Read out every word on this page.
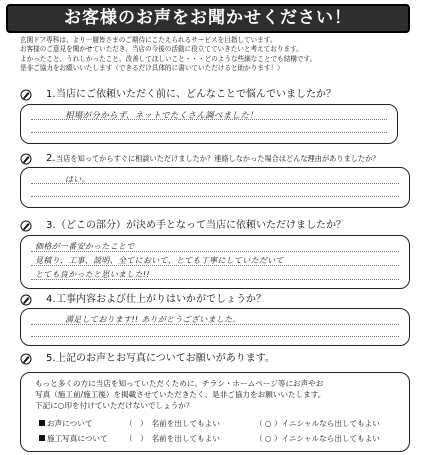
お客様のお声をお聞かせください！
玄関ドア専科は、より一層皆さまのご期待にこたえられるサービスを目指しています。
お客様のご意見を聞かせていただき、当店の今後の活動に役立てていきたいと考えております。
よかったこと、うれしかったこと、改善してほしいこと・・・どのような些細なことでも結構です。
是非ご協力をお願いいたします（できるだけ具体的に書いていただけると助かります！）
1. 当店にご依頼いただく前に、どんなことで悩んでいましたか？
相場が分からず、ネットでたくさん調べました！
2. 当店を知ってからすぐに相談いただけましたか？連絡しなかった場合はどんな理由がありましたか？
はい。
3. （どこの部分）が決め手となって当店に依頼いただけましたか？
価格が一番安かったことで
見積り、工事、説明、全てにおいて、とても丁寧にしていただいて
とても良かったと思いました!!
4. 工事内容および仕上がりはいかがでしょうか？
満足しております!! ありがとうございました。
5. 上記のお声とお写真についてお願いがあります。
もっと多くの方に当店を知っていただくために、チラシ・ホームページ等にお声やお
写真（施工前/施工後）を掲載させていただきたく、是非ご協力をお願いいたします。
下記に○印を付けていただけないでしょうか？
お声について	（　）　名前を出してもよい	（ ○ ）イニシャルなら出してもよい
施工写真について （　）　名前を出してもよい	（ ○ ）イニシャルなら出してもよい
